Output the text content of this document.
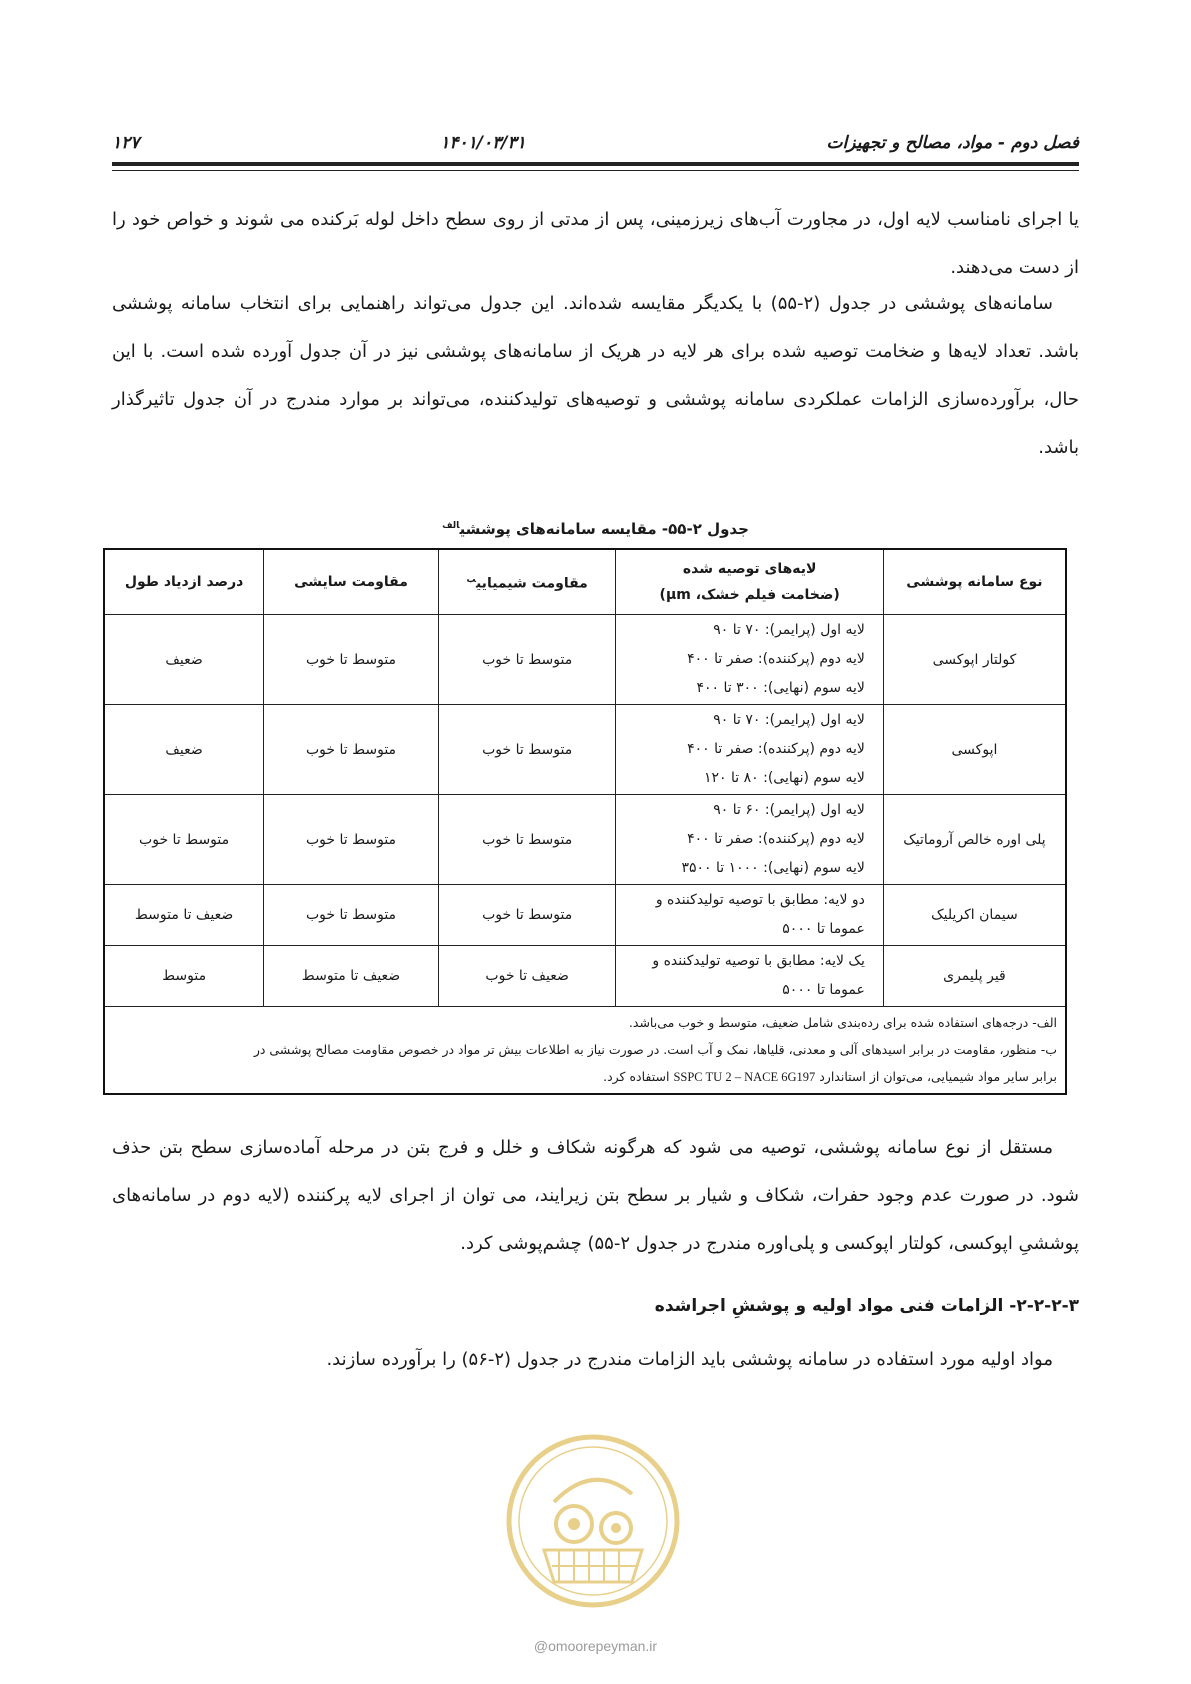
۱۲۷	۱۴۰۱/۰۳/۳۱	فصل دوم - مواد، مصالح و تجهیزات

یا اجرای نامناسب لایه اول، در مجاورت آب‌های زیرزمینی، پس از مدتی از روی سطح داخل لوله بَرکنده می شوند و خواص خود را از دست می‌دهند.

سامانه‌های پوششی در جدول (۲-۵۵) با یکدیگر مقایسه شده‌اند. این جدول می‌تواند راهنمایی برای انتخاب سامانه پوششی باشد. تعداد لایه‌ها و ضخامت توصیه شده برای هر لایه در هریک از سامانه‌های پوششی نیز در آن جدول آورده شده است. با این حال، برآورده‌سازی الزامات عملکردی سامانه پوششی و توصیه‌های تولیدکننده، می‌تواند بر موارد مندرج در آن جدول تاثیرگذار باشد.

جدول ۲-۵۵- مقایسه سامانه‌های پوششی$^{الف}$
نوع سامانه پوششی	لایه‌های توصیه شده
(ضخامت فیلم خشک، μm)	مقاومت شیمیایی$^ب$	مقاومت سایشی	درصد ازدیاد طول
کولتار اپوکسی	لایه اول (پرایمر): ۷۰ تا ۹۰
لایه دوم (پرکننده): صفر تا ۴۰۰
لایه سوم (نهایی): ۳۰۰ تا ۴۰۰	متوسط تا خوب	متوسط تا خوب	ضعیف
اپوکسی	لایه اول (پرایمر): ۷۰ تا ۹۰
لایه دوم (پرکننده): صفر تا ۴۰۰
لایه سوم (نهایی): ۸۰ تا ۱۲۰	متوسط تا خوب	متوسط تا خوب	ضعیف
پلی اوره خالص آروماتیک	لایه اول (پرایمر): ۶۰ تا ۹۰
لایه دوم (پرکننده): صفر تا ۴۰۰
لایه سوم (نهایی): ۱۰۰۰ تا ۳۵۰۰	متوسط تا خوب	متوسط تا خوب	متوسط تا خوب
سیمان اکریلیک	دو لایه: مطابق با توصیه تولیدکننده و
عموما تا ۵۰۰۰	متوسط تا خوب	متوسط تا خوب	ضعیف تا متوسط
قیر پلیمری	یک لایه: مطابق با توصیه تولیدکننده و
عموما تا ۵۰۰۰	ضعیف تا خوب	ضعیف تا متوسط	متوسط

الف- درجه‌های استفاده شده برای رده‌بندی شامل ضعیف، متوسط و خوب می‌باشد.
ب- منظور، مقاومت در برابر اسیدهای آلی و معدنی، قلیاها، نمک و آب است. در صورت نیاز به اطلاعات بیش تر مواد در خصوص مقاومت مصالح پوششی در
برابر سایر مواد شیمیایی، می‌توان از استاندارد SSPC TU 2 – NACE 6G197 استفاده کرد.				

مستقل از نوع سامانه پوششی، توصیه می شود که هرگونه شکاف و خلل و فرج بتن در مرحله آماده‌سازی سطح بتن حذف شود. در صورت عدم وجود حفرات، شکاف و شیار بر سطح بتن زیرایند، می توان از اجرای لایه پرکننده (لایه دوم در سامانه‌های پوششیِ اپوکسی، کولتار اپوکسی و پلی‌اوره مندرج در جدول ۲-۵۵) چشم‌پوشی کرد.

۲-۲-۲-۳- الزامات فنی مواد اولیه و پوششِ اجراشده

مواد اولیه مورد استفاده در سامانه پوششی باید الزامات مندرج در جدول (۲-۵۶) را برآورده سازند.

@omoorepeyman.ir
